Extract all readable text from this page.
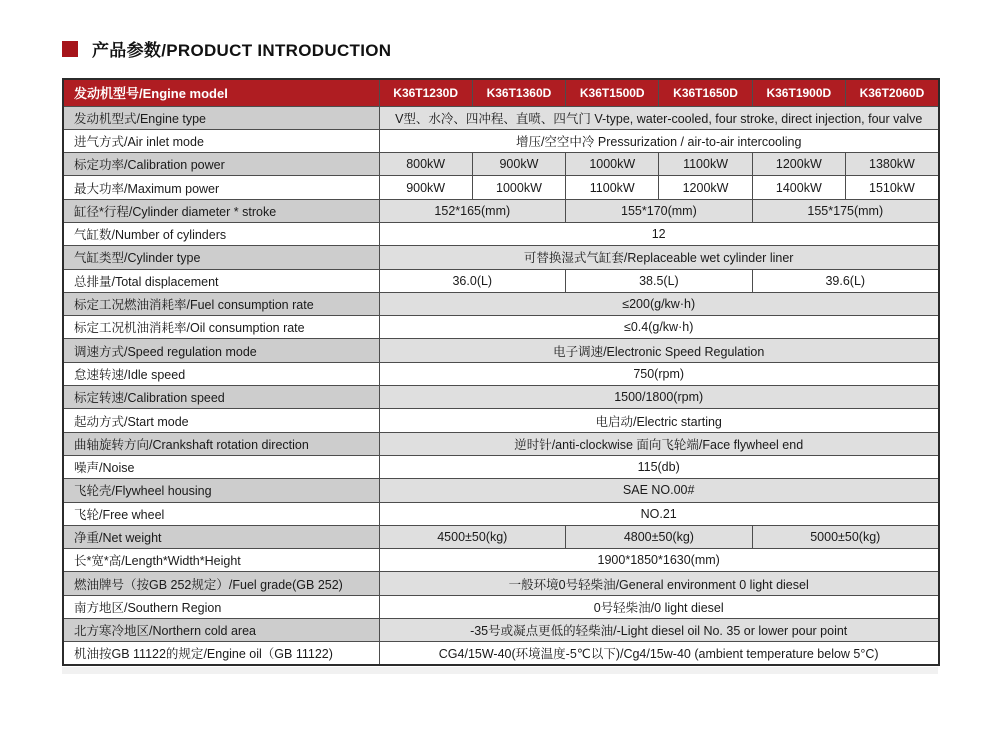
产品参数/PRODUCT INTRODUCTION
发动机型号/Engine model	K36T1230D	K36T1360D	K36T1500D	K36T1650D	K36T1900D	K36T2060D
发动机型式/Engine type	V型、水冷、四冲程、直喷、四气门 V-type, water-cooled, four stroke, direct injection, four valve					
进气方式/Air inlet mode	增压/空空中冷 Pressurization / air-to-air intercooling					
标定功率/Calibration power	800kW	900kW	1000kW	1100kW	1200kW	1380kW
最大功率/Maximum power	900kW	1000kW	1100kW	1200kW	1400kW	1510kW
缸径*行程/Cylinder diameter * stroke	152*165(mm)		155*170(mm)		155*175(mm)	
气缸数/Number of cylinders	12					
气缸类型/Cylinder type	可替换湿式气缸套/Replaceable wet cylinder liner					
总排量/Total displacement	36.0(L)		38.5(L)		39.6(L)	
标定工况燃油消耗率/Fuel consumption rate	≤200(g/kw·h)					
标定工况机油消耗率/Oil consumption rate	≤0.4(g/kw·h)					
调速方式/Speed regulation mode	电子调速/Electronic Speed Regulation					
怠速转速/Idle speed	750(rpm)					
标定转速/Calibration speed	1500/1800(rpm)					
起动方式/Start mode	电启动/Electric starting					
曲轴旋转方向/Crankshaft rotation direction	逆时针/anti-clockwise 面向飞轮端/Face flywheel end					
噪声/Noise	115(db)					
飞轮壳/Flywheel housing	SAE NO.00#					
飞轮/Free wheel	NO.21					
净重/Net weight	4500±50(kg)		4800±50(kg)		5000±50(kg)	
长*宽*高/Length*Width*Height	1900*1850*1630(mm)					
燃油牌号（按GB 252规定）/Fuel grade(GB 252)	一般环境0号轻柴油/General environment 0 light diesel					
南方地区/Southern Region	0号轻柴油/0 light diesel					
北方寒冷地区/Northern cold area	-35号或凝点更低的轻柴油/-Light diesel oil No. 35 or lower pour point					
机油按GB 11122的规定/Engine oil（GB 11122)	CG4/15W-40(环境温度-5℃以下)/Cg4/15w-40 (ambient temperature below 5°C)					
